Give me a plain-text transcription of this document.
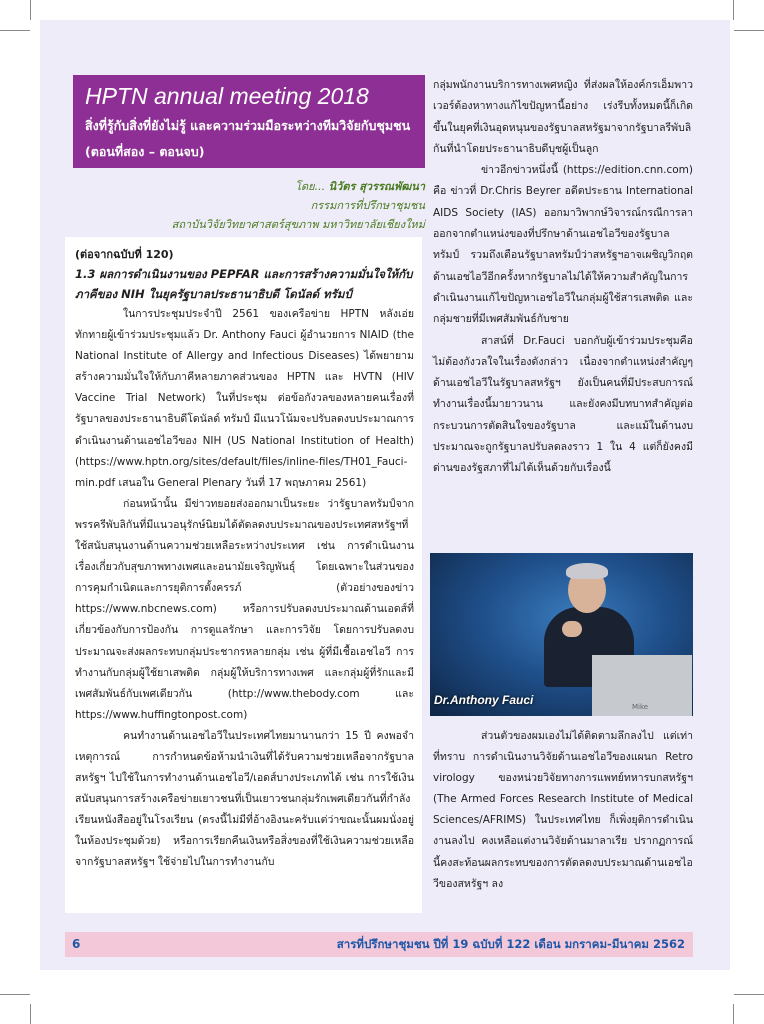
HPTN annual meeting 2018
สิ่งที่รู้กับสิ่งที่ยังไม่รู้ และความร่วมมือระหว่างทีมวิจัยกับชุมชน (ตอนที่สอง – ตอนจบ)
โดย... นิวัตร สุวรรณพัฒนา
กรรมการที่ปรึกษาชุมชน
สถาบันวิจัยวิทยาศาสตร์สุขภาพ มหาวิทยาลัยเชียงใหม่
(ต่อจากฉบับที่ 120)
1.3 ผลการดำเนินงานของ PEPFAR และการสร้างความมั่นใจให้กับภาคีของ NIH ในยุครัฐบาลประธานาธิบดี โดนัลด์ ทรัมป์

ในการประชุมประจำปี 2561 ของเครือข่าย HPTN หลังเอ่ยทักทายผู้เข้าร่วมประชุมแล้ว Dr. Anthony Fauci ผู้อำนวยการ NIAID (the National Institute of Allergy and Infectious Diseases) ได้พยายามสร้างความมั่นใจให้กับภาคีหลายภาคส่วนของ HPTN และ HVTN (HIV Vaccine Trial Network) ในที่ประชุม ต่อข้อกังวลของหลายคนเรื่องที่รัฐบาลของประธานาธิบดีโดนัลด์ ทรัมป์ มีแนวโน้มจะปรับลดงบประมาณการดำเนินงานด้านเอชไอวีของ NIH (US National Institution of Health) (https://www.hptn.org/sites/default/files/inline-files/TH01_Fauci-min.pdf เสนอใน General Plenary วันที่ 17 พฤษภาคม 2561)

ก่อนหน้านั้น มีข่าวทยอยส่งออกมาเป็นระยะ ว่ารัฐบาลทรัมป์จากพรรครีพับลิกันที่มีแนวอนุรักษ์นิยมได้ตัดลดงบประมาณของประเทศสหรัฐฯที่ใช้สนับสนุนงานด้านความช่วยเหลือระหว่างประเทศ เช่น การดำเนินงานเรื่องเกี่ยวกับสุขภาพทางเพศและอนามัยเจริญพันธุ์ โดยเฉพาะในส่วนของการคุมกำเนิดและการยุติการตั้งครรภ์ (ตัวอย่างของข่าว https://www.nbcnews.com) หรือการปรับลดงบประมาณด้านเอดส์ที่เกี่ยวข้องกับการป้องกัน การดูแลรักษา และการวิจัย โดยการปรับลดงบประมาณจะส่งผลกระทบกลุ่มประชากรหลายกลุ่ม เช่น ผู้ที่มีเชื้อเอชไอวี การทำงานกับกลุ่มผู้ใช้ยาเสพติด กลุ่มผู้ให้บริการทางเพศ และกลุ่มผู้ที่รักและมีเพศสัมพันธ์กับเพศเดียวกัน (http://www.thebody.com และ https://www.huffingtonpost.com)

คนทำงานด้านเอชไอวีในประเทศไทยมานานกว่า 15 ปี คงพอจำเหตุการณ์ การกำหนดข้อห้ามนำเงินที่ได้รับความช่วยเหลือจากรัฐบาลสหรัฐฯ ไปใช้ในการทำงานด้านเอชไอวี/เอดส์บางประเภทได้ เช่น การใช้เงินสนับสนุนการสร้างเครือข่ายเยาวชนที่เป็นเยาวชนกลุ่มรักเพศเดียวกันที่กำลังเรียนหนังสืออยู่ในโรงเรียน (ตรงนี้ไม่มีที่อ้างอิงนะครับแต่ว่าขณะนั้นผมนั่งอยู่ในห้องประชุมด้วย) หรือการเรียกคืนเงินหรือสิ่งของที่ใช้เงินความช่วยเหลือจากรัฐบาลสหรัฐฯ ใช้จ่ายไปในการทำงานกับ

กลุ่มพนักงานบริการทางเพศหญิง ที่ส่งผลให้องค์กรเอ็มพาวเวอร์ต้องหาทางแก้ไขปัญหานี้อย่าง เร่งรีบทั้งหมดนี้ก็เกิดขึ้นในยุคที่เงินอุดหนุนของรัฐบาลสหรัฐมาจากรัฐบาลรีพับลิกันที่นำโดยประธานาธิบดีบุชผู้เป็นลูก

ข่าวอีกข่าวหนึ่งนี้ (https://edition.cnn.com) คือ ข่าวที่ Dr.Chris Beyrer อดีตประธาน International AIDS Society (IAS) ออกมาวิพากษ์วิจารณ์กรณีการลาออกจากตำแหน่งของที่ปรึกษาด้านเอชไอวีของรัฐบาลทรัมป์ รวมถึงเตือนรัฐบาลทรัมป์ว่าสหรัฐฯอาจเผชิญวิกฤตด้านเอชไอวีอีกครั้งหากรัฐบาลไม่ได้ให้ความสำคัญในการดำเนินงานแก้ไขปัญหาเอชไอวีในกลุ่มผู้ใช้สารเสพติด และกลุ่มชายที่มีเพศสัมพันธ์กับชาย

สาสน์ที่ Dr.Fauci บอกกับผู้เข้าร่วมประชุมคือ ไม่ต้องกังวลใจในเรื่องดังกล่าว เนื่องจากตำแหน่งสำคัญๆ ด้านเอชไอวีในรัฐบาลสหรัฐฯ ยังเป็นคนที่มีประสบการณ์ทำงานเรื่องนี้มายาวนาน และยังคงมีบทบาทสำคัญต่อกระบวนการตัดสินใจของรัฐบาล และแม้ในด้านงบประมาณจะถูกรัฐบาลปรับลดลงราว 1 ใน 4 แต่ก็ยังคงมีด่านของรัฐสภาที่ไม่ได้เห็นด้วยกับเรื่องนี้

Mike
Dr.Anthony Fauci

ส่วนตัวของผมเองไม่ได้ติดตามลึกลงไป แต่เท่าที่ทราบ การดำเนินงานวิจัยด้านเอชไอวีของแผนก Retro virology ของหน่วยวิจัยทางการแพทย์ทหารบกสหรัฐฯ (The Armed Forces Research Institute of Medical Sciences/AFRIMS) ในประเทศไทย ก็เพิ่งยุติการดำเนินงานลงไป คงเหลือแต่งานวิจัยด้านมาลาเรีย ปรากฏการณ์นี้คงสะท้อนผลกระทบของการตัดลดงบประมาณด้านเอชไอวีของสหรัฐฯ ลง

6	สารที่ปรึกษาชุมชน ปีที่ 19 ฉบับที่ 122 เดือน มกราคม-มีนาคม 2562
